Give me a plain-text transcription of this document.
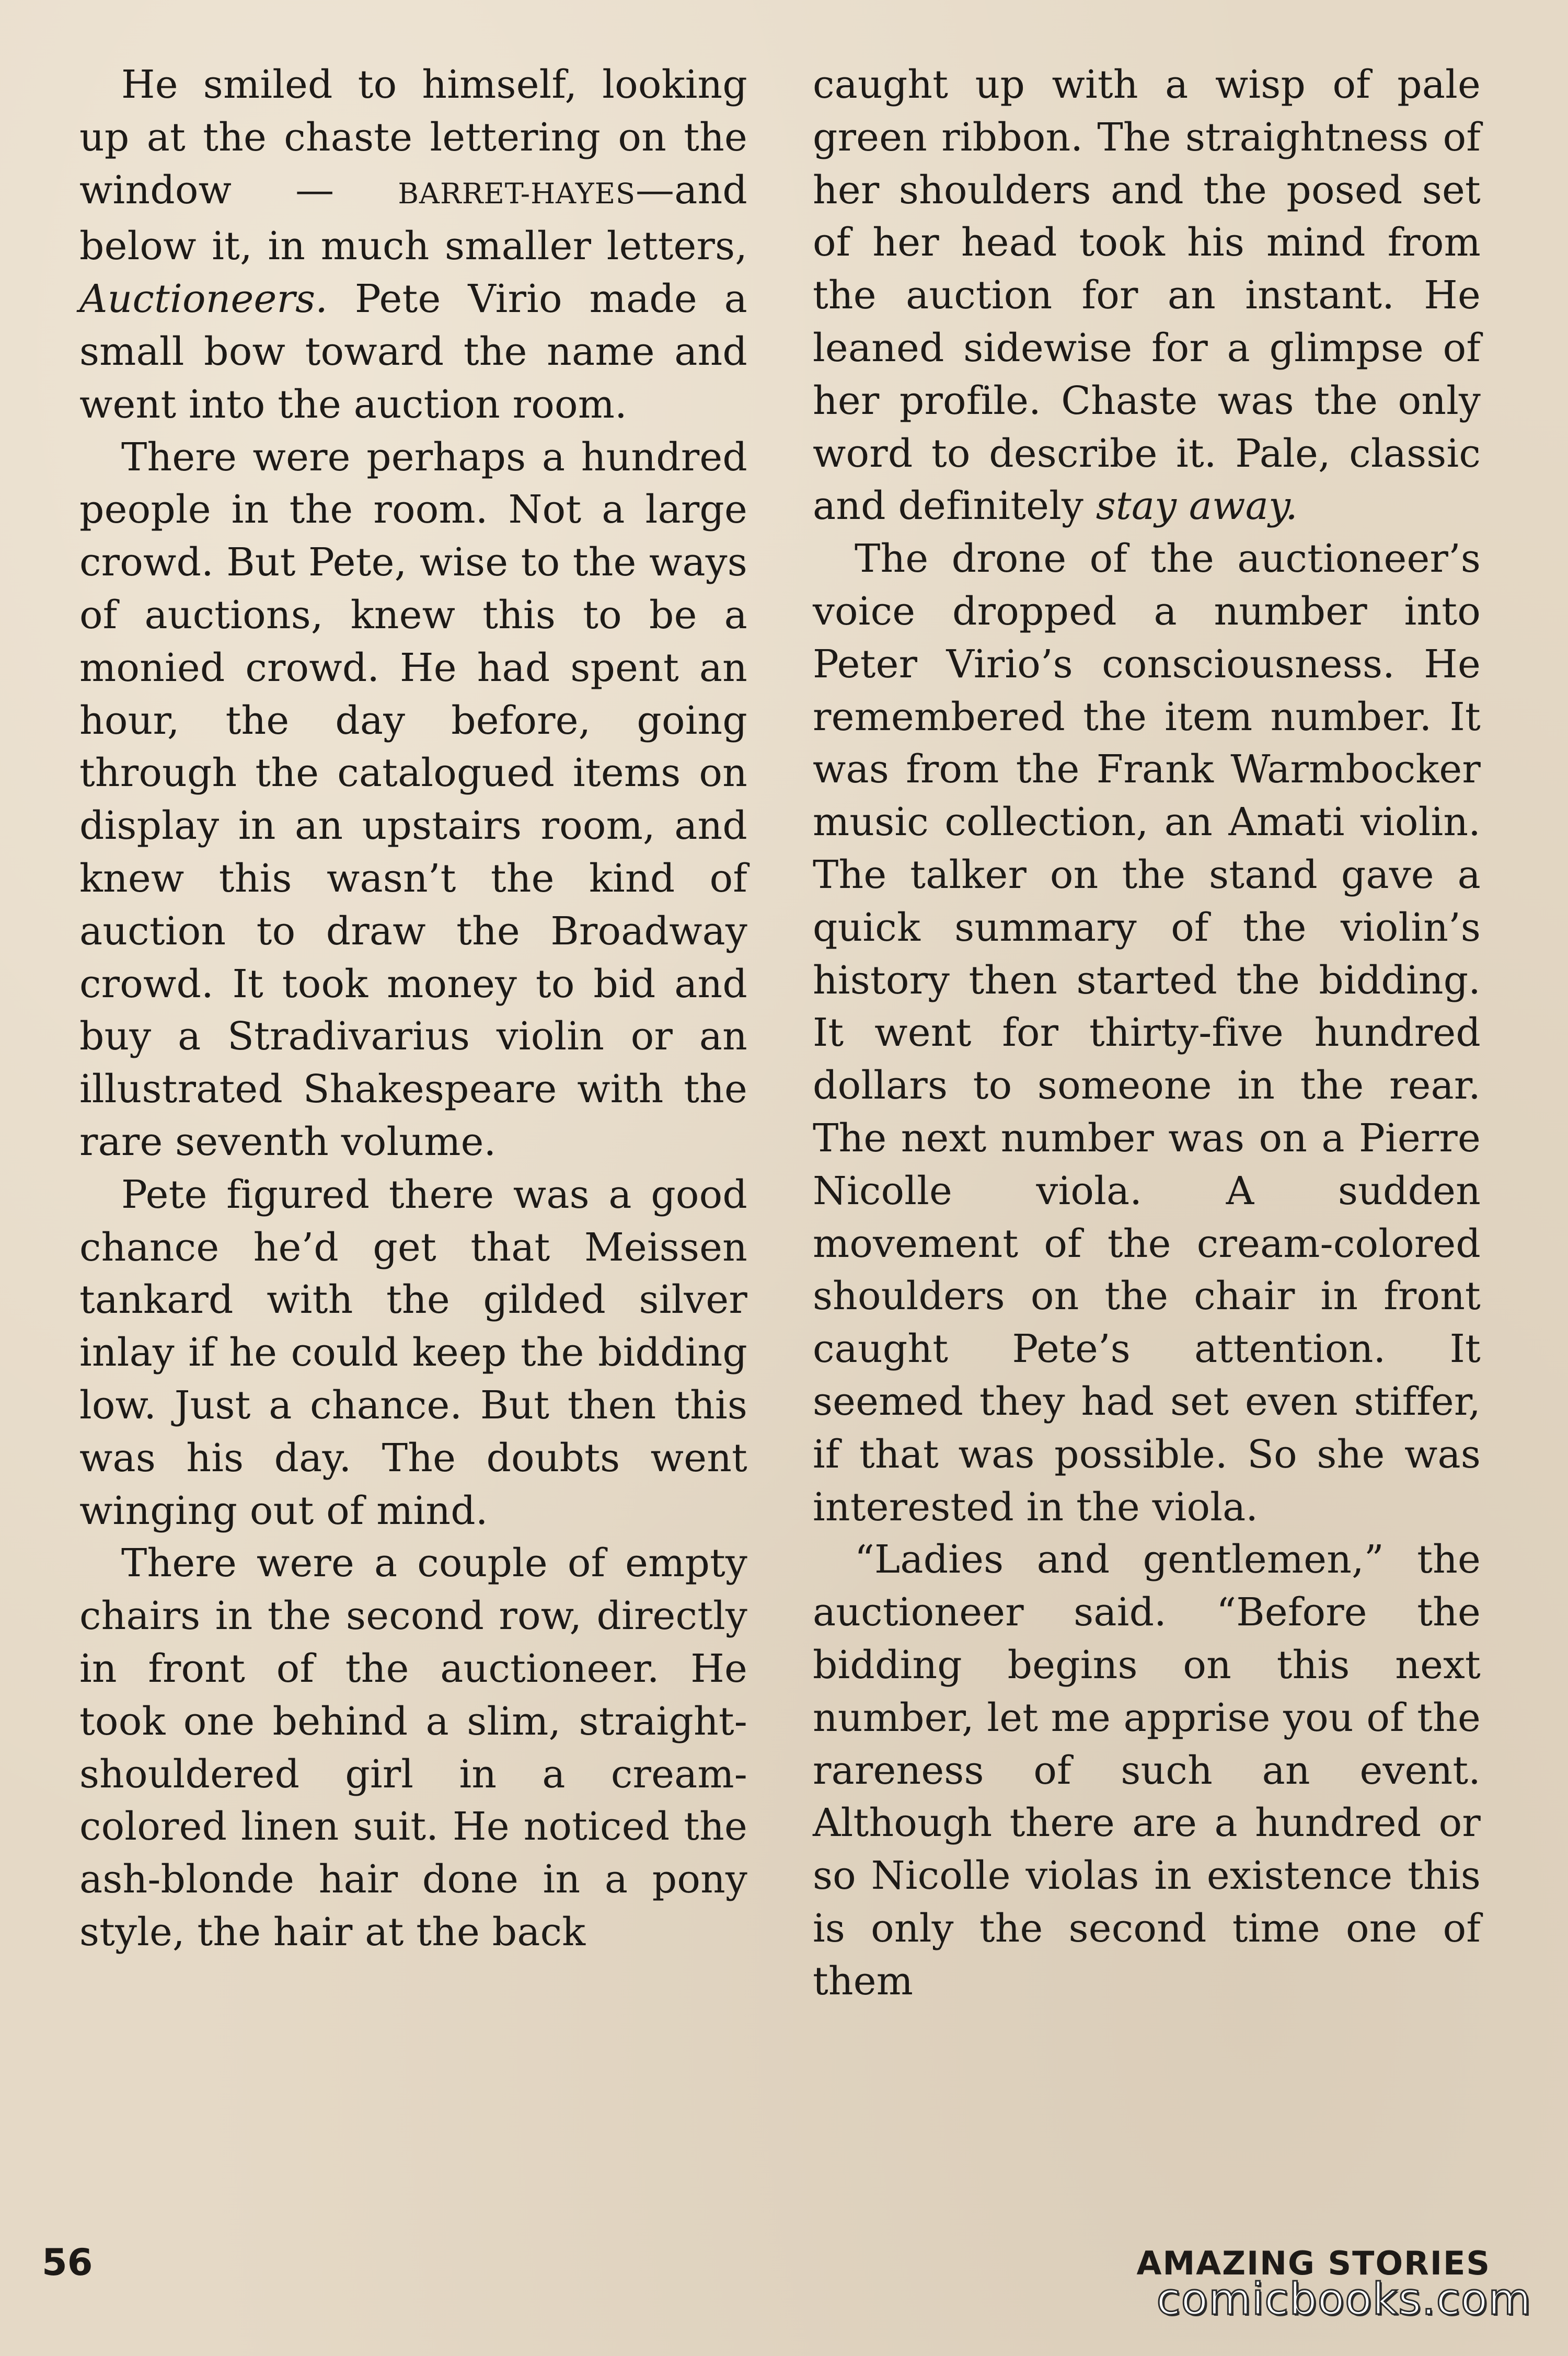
He smiled to himself, looking up at the chaste lettering on the window — BARRET-HAYES—and below it, in much smaller letters, Auctioneers. Pete Virio made a small bow toward the name and went into the auction room.

There were perhaps a hundred people in the room. Not a large crowd. But Pete, wise to the ways of auctions, knew this to be a monied crowd. He had spent an hour, the day before, going through the catalogued items on display in an upstairs room, and knew this wasn’t the kind of auction to draw the Broadway crowd. It took money to bid and buy a Stradivarius violin or an illustrated Shakespeare with the rare seventh volume.

Pete figured there was a good chance he’d get that Meissen tankard with the gilded silver inlay if he could keep the bidding low. Just a chance. But then this was his day. The doubts went winging out of mind.

There were a couple of empty chairs in the second row, directly in front of the auctioneer. He took one behind a slim, straight-shouldered girl in a cream-colored linen suit. He noticed the ash-blonde hair done in a pony style, the hair at the back

caught up with a wisp of pale green ribbon. The straightness of her shoulders and the posed set of her head took his mind from the auction for an instant. He leaned sidewise for a glimpse of her profile. Chaste was the only word to describe it. Pale, classic and definitely stay away.

The drone of the auctioneer’s voice dropped a number into Peter Virio’s consciousness. He remembered the item number. It was from the Frank Warmbocker music collection, an Amati violin. The talker on the stand gave a quick summary of the violin’s history then started the bidding. It went for thirty-five hundred dollars to someone in the rear. The next number was on a Pierre Nicolle viola. A sudden movement of the cream-colored shoulders on the chair in front caught Pete’s attention. It seemed they had set even stiffer, if that was possible. So she was interested in the viola.

“Ladies and gentlemen,” the auctioneer said. “Before the bidding begins on this next number, let me apprise you of the rareness of such an event. Although there are a hundred or so Nicolle violas in existence this is only the second time one of them

56	AMAZING STORIES
comicbooks.com
